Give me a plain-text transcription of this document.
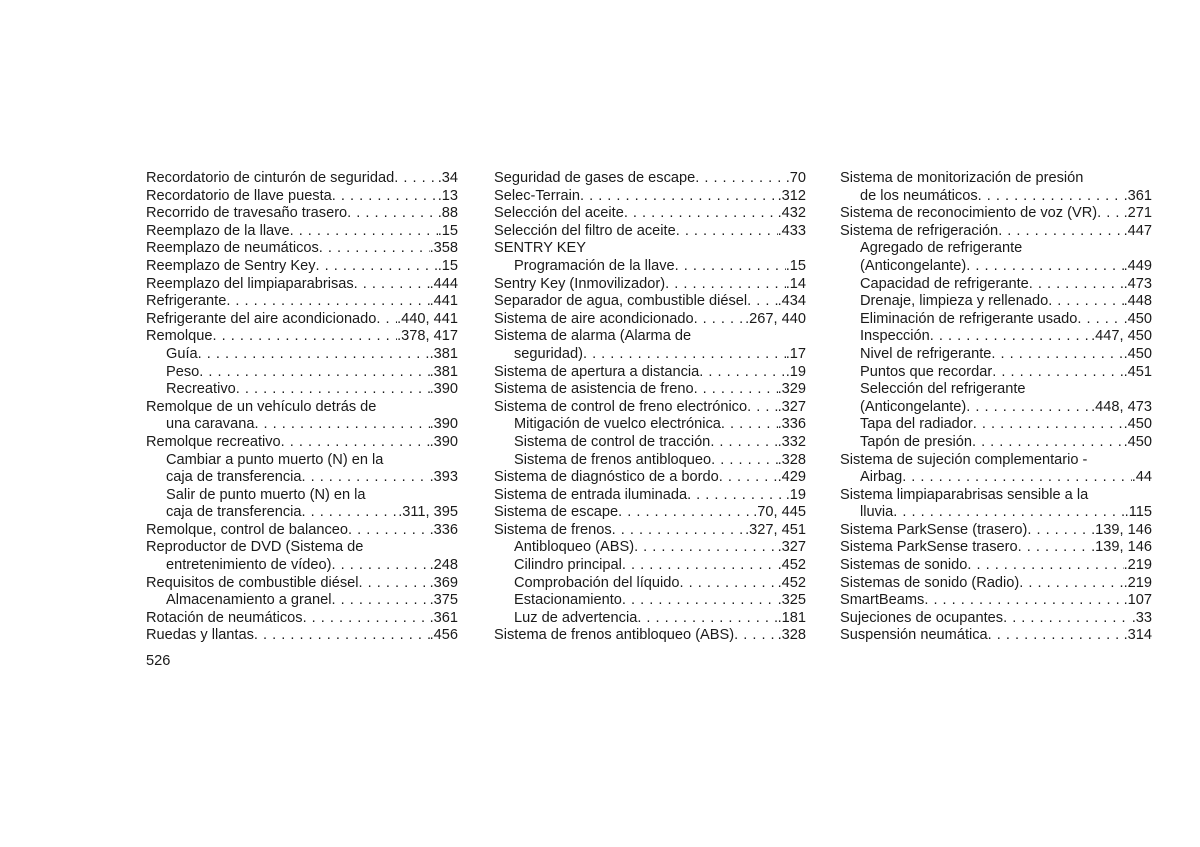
Recordatorio de cinturón de seguridad . . .	.34
Recordatorio de llave puesta . . .	.13
Recorrido de travesaño trasero . . .	.88
Reemplazo de la llave . . .	.15
Reemplazo de neumáticos . . .	.358
Reemplazo de Sentry Key . . .	.15
Reemplazo del limpiaparabrisas . . .	.444
Refrigerante . . .	.441
Refrigerante del aire acondicionado . . . .440, 441
Remolque . . .	.378, 417
Guía . . .	.381
Peso . . .	.381
Recreativo . . .	.390
Remolque de un vehículo detrás de
una caravana . . .	.390
Remolque recreativo . . .	.390
Cambiar a punto muerto (N) en la
caja de transferencia . . .	.393
Salir de punto muerto (N) en la
caja de transferencia . . .	.311, 395
Remolque, control de balanceo . . .	.336
Reproductor de DVD (Sistema de
entretenimiento de vídeo) . . .	.248
Requisitos de combustible diésel . . .	.369
Almacenamiento a granel . . .	.375
Rotación de neumáticos . . .	.361
Ruedas y llantas . . .	.456
Seguridad de gases de escape . . .	.70
Selec-Terrain . . .	.312
Selección del aceite . . .	.432
Selección del filtro de aceite . . .	.433
SENTRY KEY
Programación de la llave . . .	.15
Sentry Key (Inmovilizador) . . .	.14
Separador de agua, combustible diésel . . . .434
Sistema de aire acondicionado . . .	.267, 440
Sistema de alarma (Alarma de
seguridad) . . .	.17
Sistema de apertura a distancia . . .	.19
Sistema de asistencia de freno . . .	.329
Sistema de control de freno electrónico . . . .327
Mitigación de vuelco electrónica . . .	.336
Sistema de control de tracción . . .	.332
Sistema de frenos antibloqueo . . .	.328
Sistema de diagnóstico de a bordo . . .	.429
Sistema de entrada iluminada . . .	.19
Sistema de escape . . .	.70, 445
Sistema de frenos . . .	.327, 451
Antibloqueo (ABS) . . .	.327
Cilindro principal . . .	.452
Comprobación del líquido . . .	.452
Estacionamiento . . .	.325
Luz de advertencia . . .	.181
Sistema de frenos antibloqueo (ABS) . . .	.328
Sistema de monitorización de presión
de los neumáticos . . .	.361
Sistema de reconocimiento de voz (VR) . . . .271
Sistema de refrigeración . . .	.447
Agregado de refrigerante
(Anticongelante) . . .	.449
Capacidad de refrigerante . . .	.473
Drenaje, limpieza y rellenado . . .	.448
Eliminación de refrigerante usado . . .	.450
Inspección . . .	.447, 450
Nivel de refrigerante . . .	.450
Puntos que recordar . . .	.451
Selección del refrigerante
(Anticongelante) . . .	.448, 473
Tapa del radiador . . .	.450
Tapón de presión . . .	.450
Sistema de sujeción complementario -
Airbag . . .	.44
Sistema limpiaparabrisas sensible a la
lluvia . . .	.115
Sistema ParkSense (trasero) . . .	.139, 146
Sistema ParkSense trasero . . .	.139, 146
Sistemas de sonido . . .	.219
Sistemas de sonido (Radio) . . .	.219
SmartBeams . . .	.107
Sujeciones de ocupantes . . .	.33
Suspensión neumática . . .	.314
526
